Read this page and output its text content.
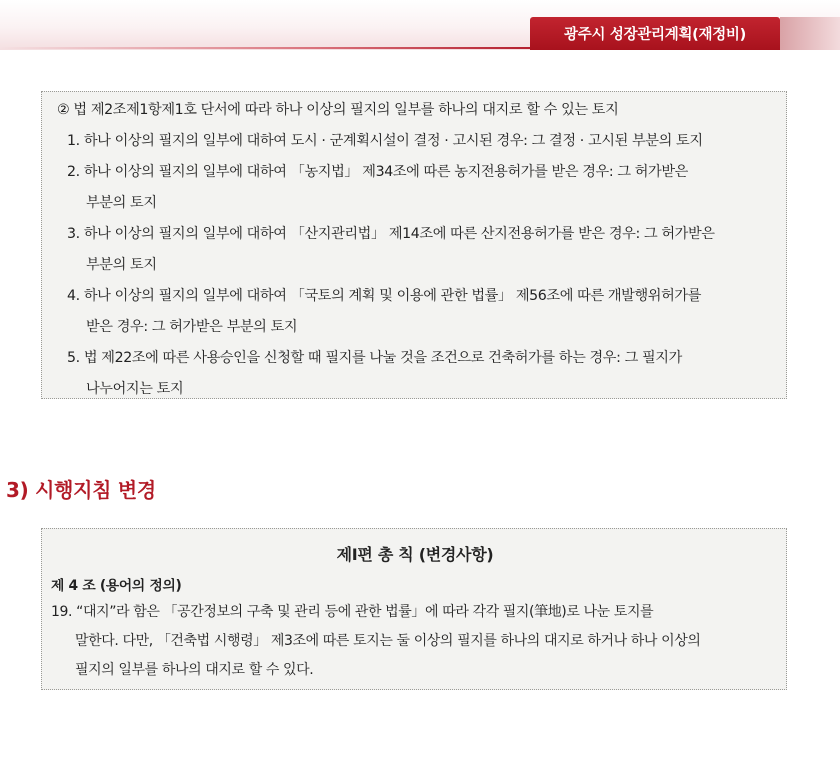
광주시 성장관리계획(재정비)
② 법 제2조제1항제1호 단서에 따라 하나 이상의 필지의 일부를 하나의 대지로 할 수 있는 토지
1. 하나 이상의 필지의 일부에 대하여 도시 · 군계획시설이 결정 · 고시된 경우: 그 결정 · 고시된 부분의 토지
2. 하나 이상의 필지의 일부에 대하여 「농지법」 제34조에 따른 농지전용허가를 받은 경우: 그 허가받은
부분의 토지
3. 하나 이상의 필지의 일부에 대하여 「산지관리법」 제14조에 따른 산지전용허가를 받은 경우: 그 허가받은
부분의 토지
4. 하나 이상의 필지의 일부에 대하여 「국토의 계획 및 이용에 관한 법률」 제56조에 따른 개발행위허가를
받은 경우: 그 허가받은 부분의 토지
5. 법 제22조에 따른 사용승인을 신청할 때 필지를 나눌 것을 조건으로 건축허가를 하는 경우: 그 필지가
나누어지는 토지
3) 시행지침 변경
제Ⅰ편 총 칙 (변경사항)
제 4 조 (용어의 정의)
19. “대지”라 함은 「공간정보의 구축 및 관리 등에 관한 법률」에 따라 각각 필지(筆地)로 나눈 토지를
말한다. 다만, 「건축법 시행령」 제3조에 따른 토지는 둘 이상의 필지를 하나의 대지로 하거나 하나 이상의
필지의 일부를 하나의 대지로 할 수 있다.
